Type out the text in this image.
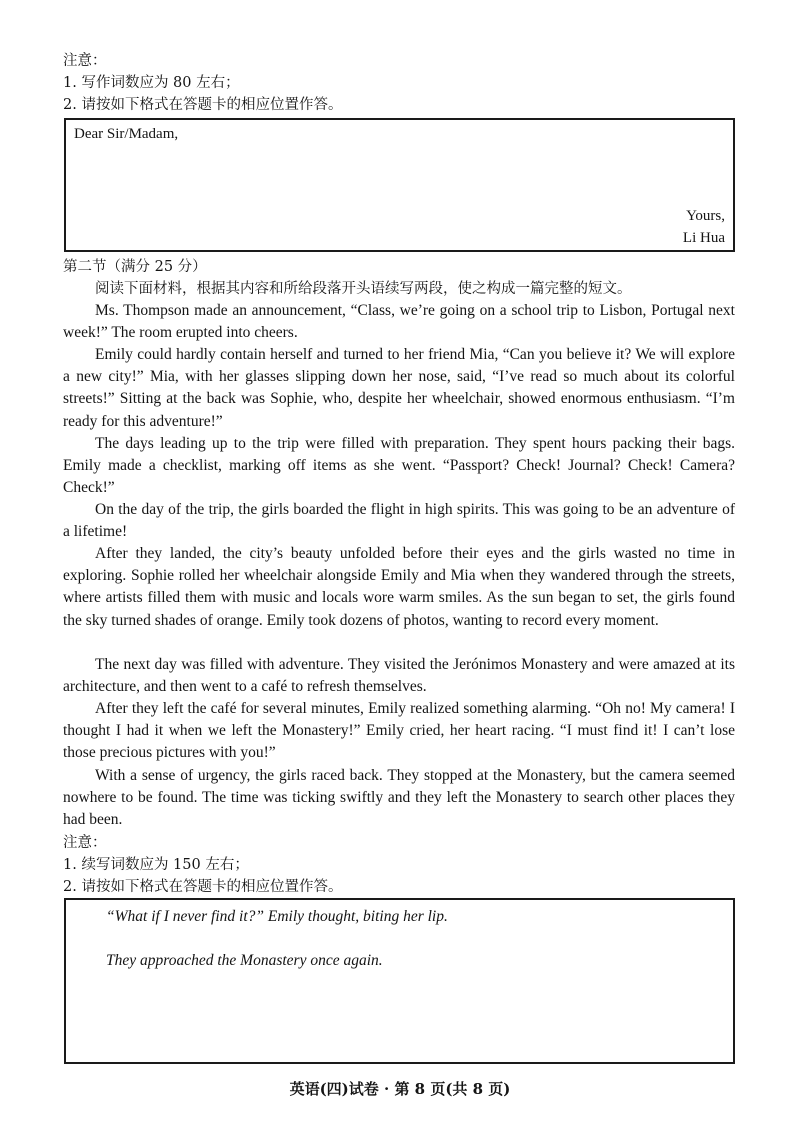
注意：
1. 写作词数应为 80 左右；
2. 请按如下格式在答题卡的相应位置作答。
Dear Sir/Madam,
Yours,
Li Hua
第二节（满分 25 分）
阅读下面材料，根据其内容和所给段落开头语续写两段，使之构成一篇完整的短文。

Ms. Thompson made an announcement, “Class, we’re going on a school trip to Lisbon, Portugal next week!” The room erupted into cheers.

Emily could hardly contain herself and turned to her friend Mia, “Can you believe it? We will explore a new city!” Mia, with her glasses slipping down her nose, said, “I’ve read so much about its colorful streets!” Sitting at the back was Sophie, who, despite her wheelchair, showed enormous enthusiasm. “I’m ready for this adventure!”

The days leading up to the trip were filled with preparation. They spent hours packing their bags. Emily made a checklist, marking off items as she went. “Passport? Check! Journal? Check! Camera? Check!”

On the day of the trip, the girls boarded the flight in high spirits. This was going to be an adventure of a lifetime!

After they landed, the city’s beauty unfolded before their eyes and the girls wasted no time in exploring. Sophie rolled her wheelchair alongside Emily and Mia when they wandered through the streets, where artists filled them with music and locals wore warm smiles. As the sun began to set, the girls found the sky turned shades of orange. Emily took dozens of photos, wanting to record every moment.

The next day was filled with adventure. They visited the Jerónimos Monastery and were amazed at its architecture, and then went to a café to refresh themselves.

After they left the café for several minutes, Emily realized something alarming. “Oh no! My camera! I thought I had it when we left the Monastery!” Emily cried, her heart racing. “I must find it! I can’t lose those precious pictures with you!”

With a sense of urgency, the girls raced back. They stopped at the Monastery, but the camera seemed nowhere to be found. The time was ticking swiftly and they left the Monastery to search other places they had been.

注意：
1. 续写词数应为 150 左右；
2. 请按如下格式在答题卡的相应位置作答。
“What if I never find it?” Emily thought, biting her lip.
They approached the Monastery once again.
英语(四)试卷 · 第 8 页(共 8 页)
